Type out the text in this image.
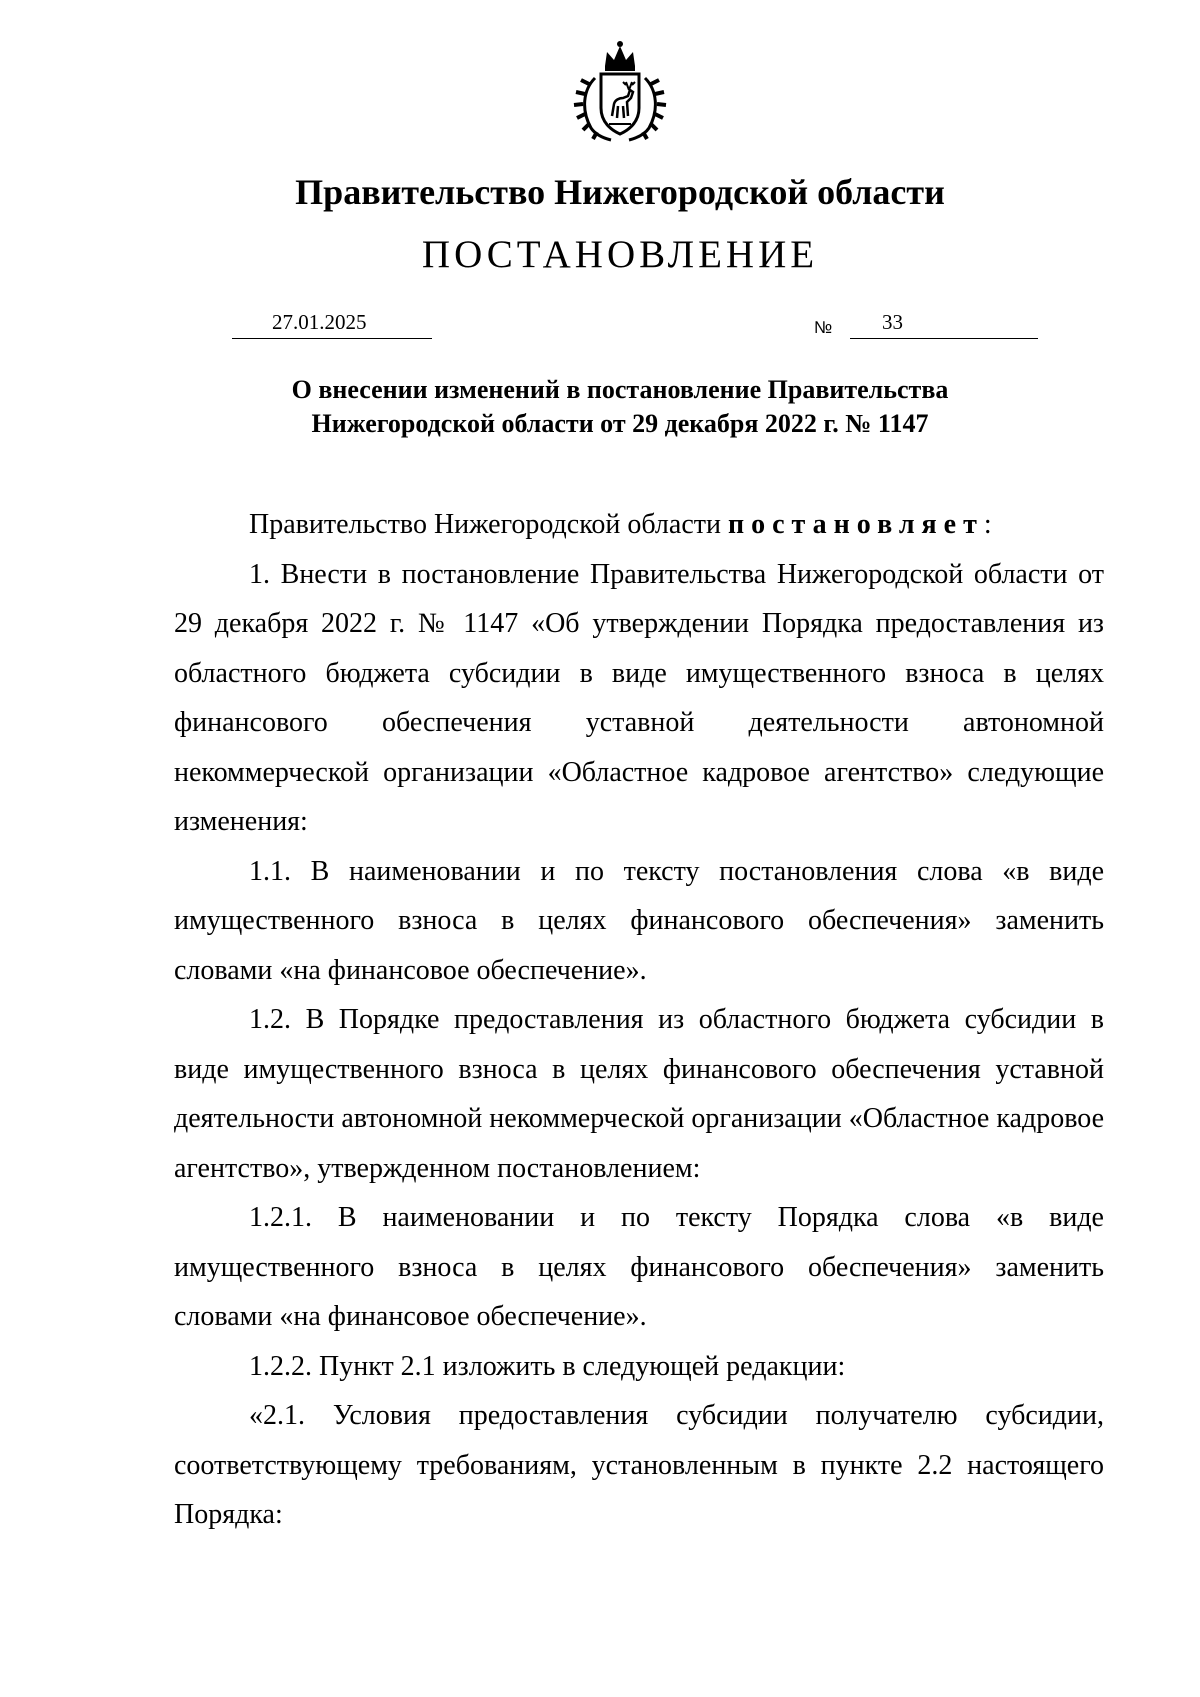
Правительство Нижегородской области
ПОСТАНОВЛЕНИЕ
27.01.2025	№ 33
О внесении изменений в постановление Правительства
Нижегородской области от 29 декабря 2022 г. № 1147

Правительство Нижегородской области постановляет:

1. Внести в постановление Правительства Нижегородской области от 29 декабря 2022 г. № 1147 «Об утверждении Порядка предоставления из областного бюджета субсидии в виде имущественного взноса в целях финансового обеспечения уставной деятельности автономной некоммерческой организации «Областное кадровое агентство» следующие изменения:

1.1. В наименовании и по тексту постановления слова «в виде имущественного взноса в целях финансового обеспечения» заменить словами «на финансовое обеспечение».

1.2. В Порядке предоставления из областного бюджета субсидии в виде имущественного взноса в целях финансового обеспечения уставной деятельности автономной некоммерческой организации «Областное кадровое агентство», утвержденном постановлением:

1.2.1. В наименовании и по тексту Порядка слова «в виде имущественного взноса в целях финансового обеспечения» заменить словами «на финансовое обеспечение».

1.2.2. Пункт 2.1 изложить в следующей редакции:

«2.1. Условия предоставления субсидии получателю субсидии, соответствующему требованиям, установленным в пункте 2.2 настоящего Порядка:
